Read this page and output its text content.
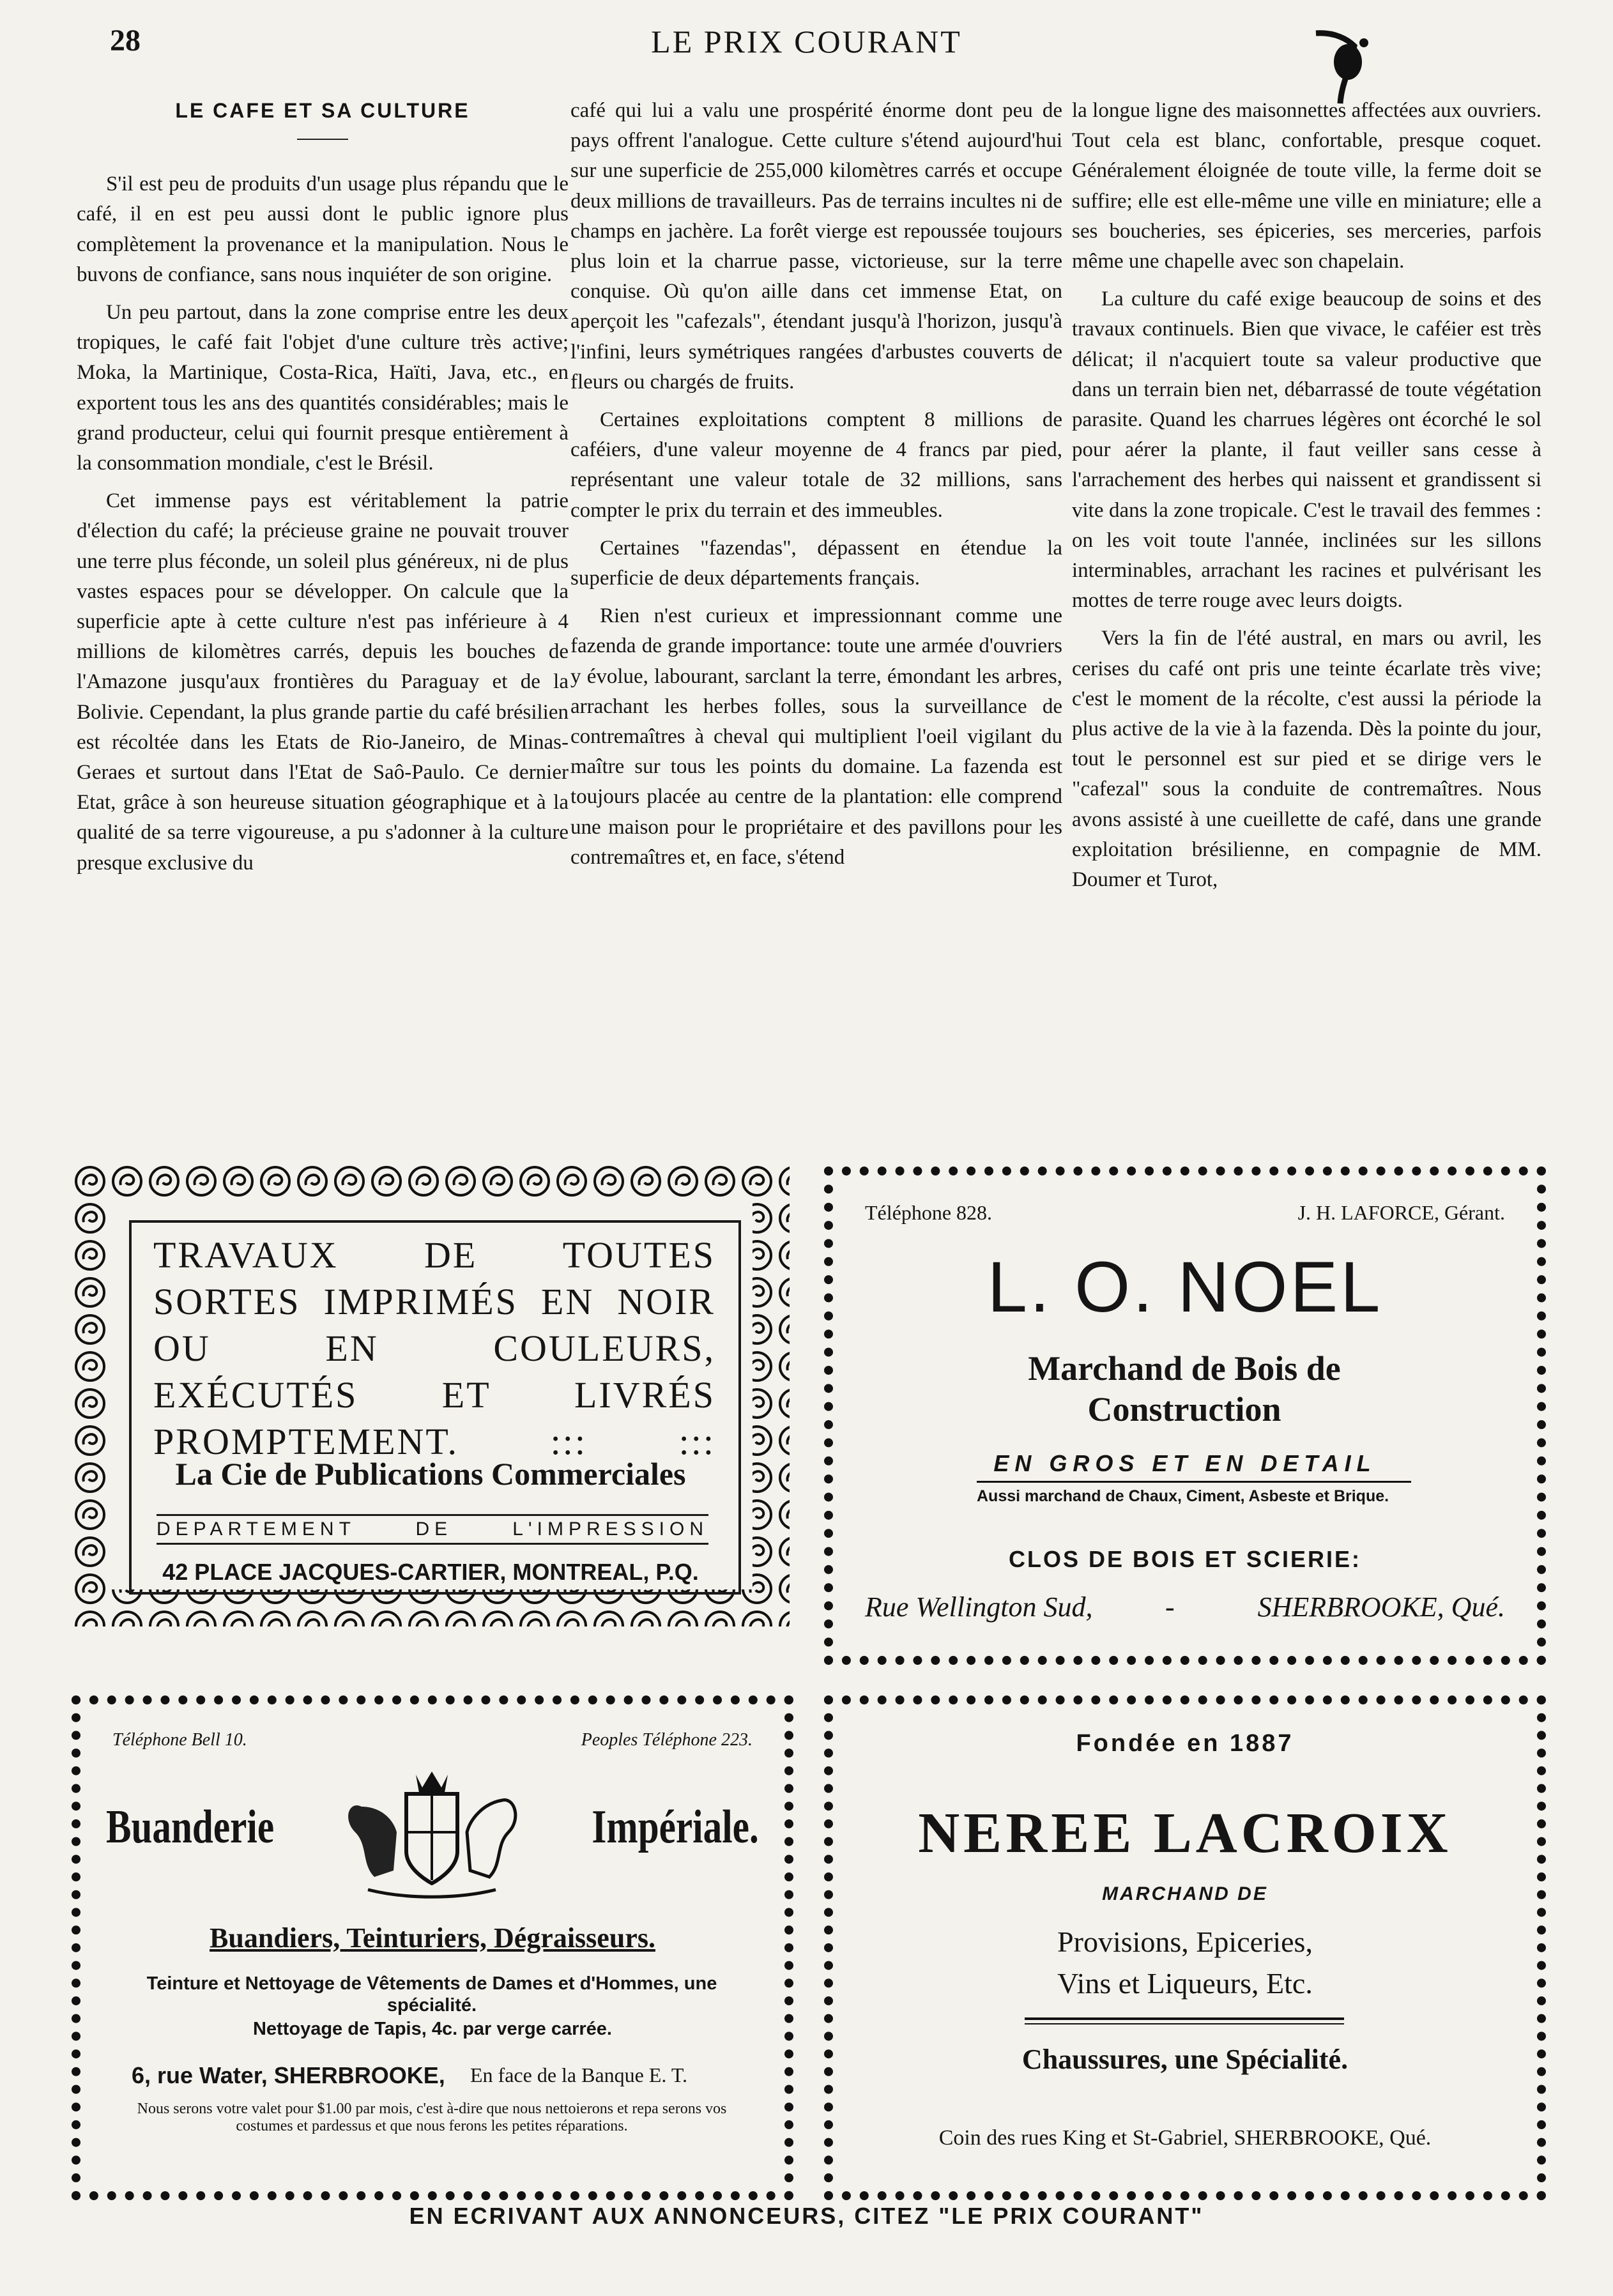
28	LE PRIX COURANT
LE CAFE ET SA CULTURE

S'il est peu de produits d'un usage plus répandu que le café, il en est peu aussi dont le public ignore plus complètement la provenance et la manipulation. Nous le buvons de confiance, sans nous inquiéter de son origine.

Un peu partout, dans la zone comprise entre les deux tropiques, le café fait l'objet d'une culture très active; Moka, la Martinique, Costa-Rica, Haïti, Java, etc., en exportent tous les ans des quantités considérables; mais le grand producteur, celui qui fournit presque entièrement à la consommation mondiale, c'est le Brésil.

Cet immense pays est véritablement la patrie d'élection du café; la précieuse graine ne pouvait trouver une terre plus féconde, un soleil plus généreux, ni de plus vastes espaces pour se développer. On calcule que la superficie apte à cette culture n'est pas inférieure à 4 millions de kilomètres carrés, depuis les bouches de l'Amazone jusqu'aux frontières du Paraguay et de la Bolivie. Cependant, la plus grande partie du café brésilien est récoltée dans les Etats de Rio-Janeiro, de Minas-Geraes et surtout dans l'Etat de Saô-Paulo. Ce dernier Etat, grâce à son heureuse situation géographique et à la qualité de sa terre vigoureuse, a pu s'adonner à la culture presque exclusive du

café qui lui a valu une prospérité énorme dont peu de pays offrent l'analogue. Cette culture s'étend aujourd'hui sur une superficie de 255,000 kilomètres carrés et occupe deux millions de travailleurs. Pas de terrains incultes ni de champs en jachère. La forêt vierge est repoussée toujours plus loin et la charrue passe, victorieuse, sur la terre conquise. Où qu'on aille dans cet immense Etat, on aperçoit les "cafezals", étendant jusqu'à l'horizon, jusqu'à l'infini, leurs symétriques rangées d'arbustes couverts de fleurs ou chargés de fruits.

Certaines exploitations comptent 8 millions de caféiers, d'une valeur moyenne de 4 francs par pied, représentant une valeur totale de 32 millions, sans compter le prix du terrain et des immeubles.

Certaines "fazendas", dépassent en étendue la superficie de deux départements français.

Rien n'est curieux et impressionnant comme une fazenda de grande importance: toute une armée d'ouvriers y évolue, labourant, sarclant la terre, émondant les arbres, arrachant les herbes folles, sous la surveillance de contremaîtres à cheval qui multiplient l'oeil vigilant du maître sur tous les points du domaine. La fazenda est toujours placée au centre de la plantation: elle comprend une maison pour le propriétaire et des pavillons pour les contremaîtres et, en face, s'étend

la longue ligne des maisonnettes affectées aux ouvriers. Tout cela est blanc, confortable, presque coquet. Généralement éloignée de toute ville, la ferme doit se suffire; elle est elle-même une ville en miniature; elle a ses boucheries, ses épiceries, ses merceries, parfois même une chapelle avec son chapelain.

La culture du café exige beaucoup de soins et des travaux continuels. Bien que vivace, le caféier est très délicat; il n'acquiert toute sa valeur productive que dans un terrain bien net, débarrassé de toute végétation parasite. Quand les charrues légères ont écorché le sol pour aérer la plante, il faut veiller sans cesse à l'arrachement des herbes qui naissent et grandissent si vite dans la zone tropicale. C'est le travail des femmes : on les voit toute l'année, inclinées sur les sillons interminables, arrachant les racines et pulvérisant les mottes de terre rouge avec leurs doigts.

Vers la fin de l'été austral, en mars ou avril, les cerises du café ont pris une teinte écarlate très vive; c'est le moment de la récolte, c'est aussi la période la plus active de la vie à la fazenda. Dès la pointe du jour, tout le personnel est sur pied et se dirige vers le "cafezal" sous la conduite de contremaîtres. Nous avons assisté à une cueillette de café, dans une grande exploitation brésilienne, en compagnie de MM. Doumer et Turot,

TRAVAUX DE TOUTES SORTES IMPRIMÉS EN NOIR OU EN COULEURS, EXÉCUTÉS ET LIVRÉS PROMPTEMENT. ::: :::
La Cie de Publications Commerciales
DEPARTEMENT DE L'IMPRESSION
42 PLACE JACQUES-CARTIER, MONTREAL, P.Q.
Téléphone 828.	J. H. LAFORCE, Gérant.
L. O. NOEL
Marchand de Bois de Construction
EN GROS ET EN DETAIL
Aussi marchand de Chaux, Ciment, Asbeste et Brique.
CLOS DE BOIS ET SCIERIE:
Rue Wellington Sud,	-	SHERBROOKE, Qué.
Téléphone Bell 10.	Peoples Téléphone 223.
Buanderie	Impériale.
Buandiers, Teinturiers, Dégraisseurs.
Teinture et Nettoyage de Vêtements de Dames et d'Hommes, une spécialité.
Nettoyage de Tapis, 4c. par verge carrée.
6, rue Water, SHERBROOKE, En face de la Banque E. T.
Nous serons votre valet pour $1.00 par mois, c'est à-dire que nous nettoierons et repa serons vos costumes et pardessus et que nous ferons les petites réparations.
Fondée en 1887
NEREE LACROIX
MARCHAND DE
Provisions, Epiceries,
Vins et Liqueurs, Etc.
Chaussures, une Spécialité.
Coin des rues King et St-Gabriel, SHERBROOKE, Qué.
EN ECRIVANT AUX ANNONCEURS, CITEZ "LE PRIX COURANT"
